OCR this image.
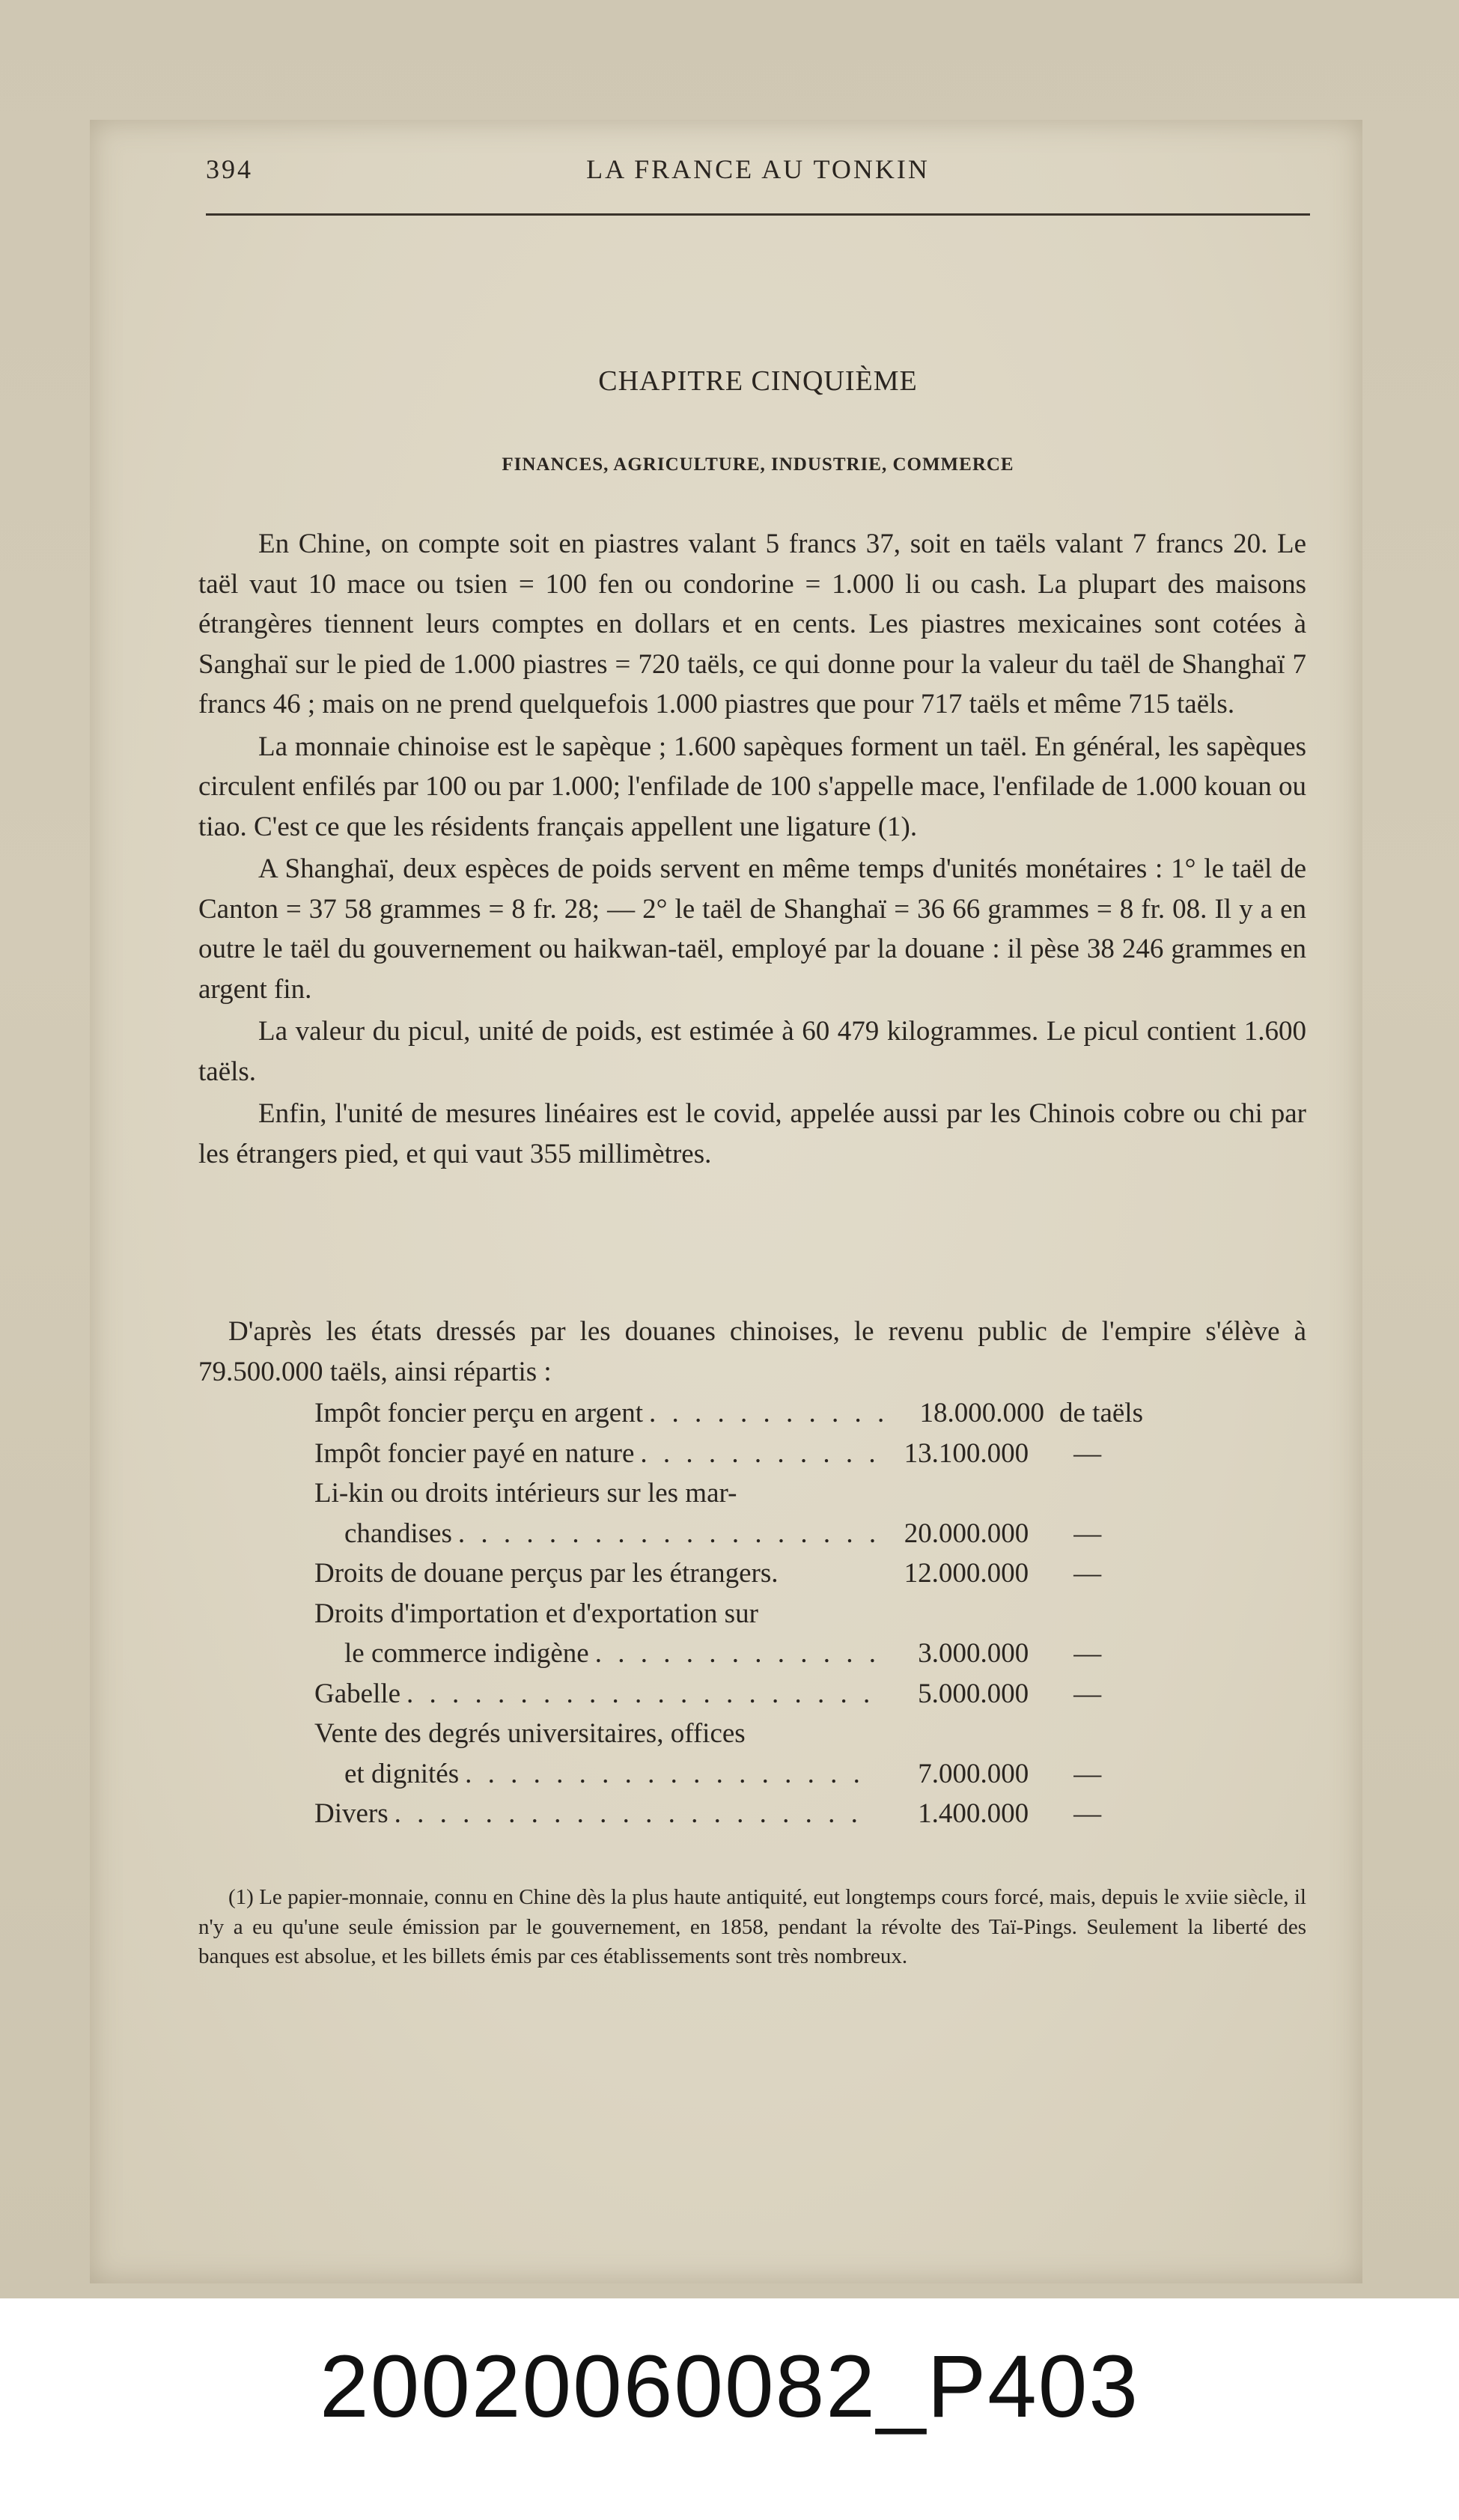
394	LA FRANCE AU TONKIN
CHAPITRE CINQUIÈME
FINANCES, AGRICULTURE, INDUSTRIE, COMMERCE

En Chine, on compte soit en piastres valant 5 francs 37, soit en taëls valant 7 francs 20. Le taël vaut 10 mace ou tsien = 100 fen ou condorine = 1.000 li ou cash. La plupart des maisons étrangères tiennent leurs comptes en dollars et en cents. Les piastres mexicaines sont cotées à Sanghaï sur le pied de 1.000 piastres = 720 taëls, ce qui donne pour la valeur du taël de Shanghaï 7 francs 46 ; mais on ne prend quelquefois 1.000 piastres que pour 717 taëls et même 715 taëls.

La monnaie chinoise est le sapèque ; 1.600 sapèques forment un taël. En général, les sapèques circulent enfilés par 100 ou par 1.000; l'enfilade de 100 s'appelle mace, l'enfilade de 1.000 kouan ou tiao. C'est ce que les résidents français appellent une ligature (1).

A Shanghaï, deux espèces de poids servent en même temps d'unités monétaires : 1° le taël de Canton = 37 58 grammes = 8 fr. 28; — 2° le taël de Shanghaï = 36 66 grammes = 8 fr. 08. Il y a en outre le taël du gouvernement ou haikwan-taël, employé par la douane : il pèse 38 246 grammes en argent fin.

La valeur du picul, unité de poids, est estimée à 60 479 kilogrammes. Le picul contient 1.600 taëls.

Enfin, l'unité de mesures linéaires est le covid, appelée aussi par les Chinois cobre ou chi par les étrangers pied, et qui vaut 355 millimètres.

D'après les états dressés par les douanes chinoises, le revenu public de l'empire s'élève à 79.500.000 taëls, ainsi répartis :

Impôt foncier perçu en argent . . .	18.000.000 de taëls
Impôt foncier payé en nature . . .	13.100.000	—
Li-kin ou droits intérieurs sur les mar-
chandises . . .	20.000.000	—
Droits de douane perçus par les étrangers.	12.000.000	—
Droits d'importation et d'exportation sur
le commerce indigène . . .	3.000.000	—
Gabelle . . .	5.000.000	—
Vente des degrés universitaires, offices
et dignités . . .	7.000.000	—
Divers . . .	1.400.000	—

(1) Le papier-monnaie, connu en Chine dès la plus haute antiquité, eut longtemps cours forcé, mais, depuis le xviie siècle, il n'y a eu qu'une seule émission par le gouvernement, en 1858, pendant la révolte des Taï-Pings. Seulement la liberté des banques est absolue, et les billets émis par ces établissements sont très nombreux.

20020060082_P403
